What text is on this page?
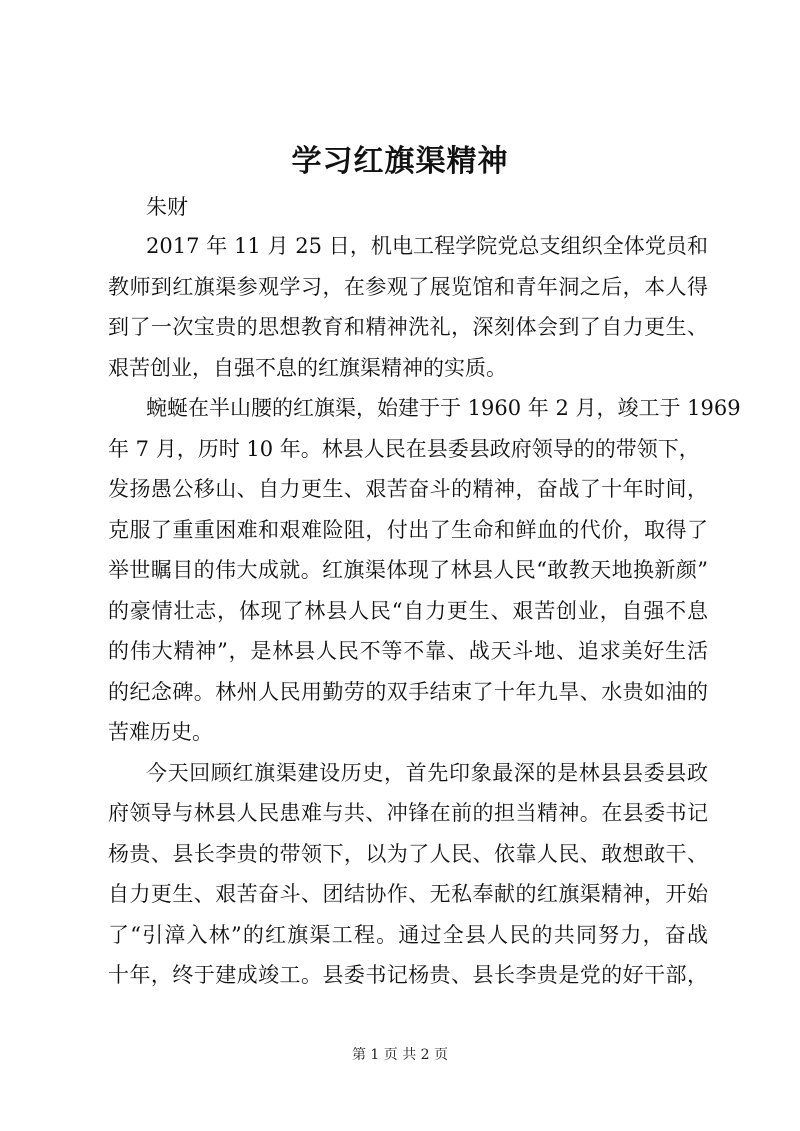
学习红旗渠精神
朱财
2017 年 11 月 25 日，机电工程学院党总支组织全体党员和
教师到红旗渠参观学习，在参观了展览馆和青年洞之后，本人得
到了一次宝贵的思想教育和精神洗礼，深刻体会到了自力更生、
艰苦创业，自强不息的红旗渠精神的实质。
蜿蜒在半山腰的红旗渠，始建于于 1960 年 2 月，竣工于 1969
年 7 月，历时 10 年。林县人民在县委县政府领导的的带领下，
发扬愚公移山、自力更生、艰苦奋斗的精神，奋战了十年时间，
克服了重重困难和艰难险阻，付出了生命和鲜血的代价，取得了
举世瞩目的伟大成就。红旗渠体现了林县人民“敢教天地换新颜”
的豪情壮志，体现了林县人民“自力更生、艰苦创业，自强不息
的伟大精神”，是林县人民不等不靠、战天斗地、追求美好生活
的纪念碑。林州人民用勤劳的双手结束了十年九旱、水贵如油的
苦难历史。
今天回顾红旗渠建设历史，首先印象最深的是林县县委县政
府领导与林县人民患难与共、冲锋在前的担当精神。在县委书记
杨贵、县长李贵的带领下，以为了人民、依靠人民、敢想敢干、
自力更生、艰苦奋斗、团结协作、无私奉献的红旗渠精神，开始
了“引漳入林”的红旗渠工程。通过全县人民的共同努力，奋战
十年，终于建成竣工。县委书记杨贵、县长李贵是党的好干部，
第 1 页 共 2 页
